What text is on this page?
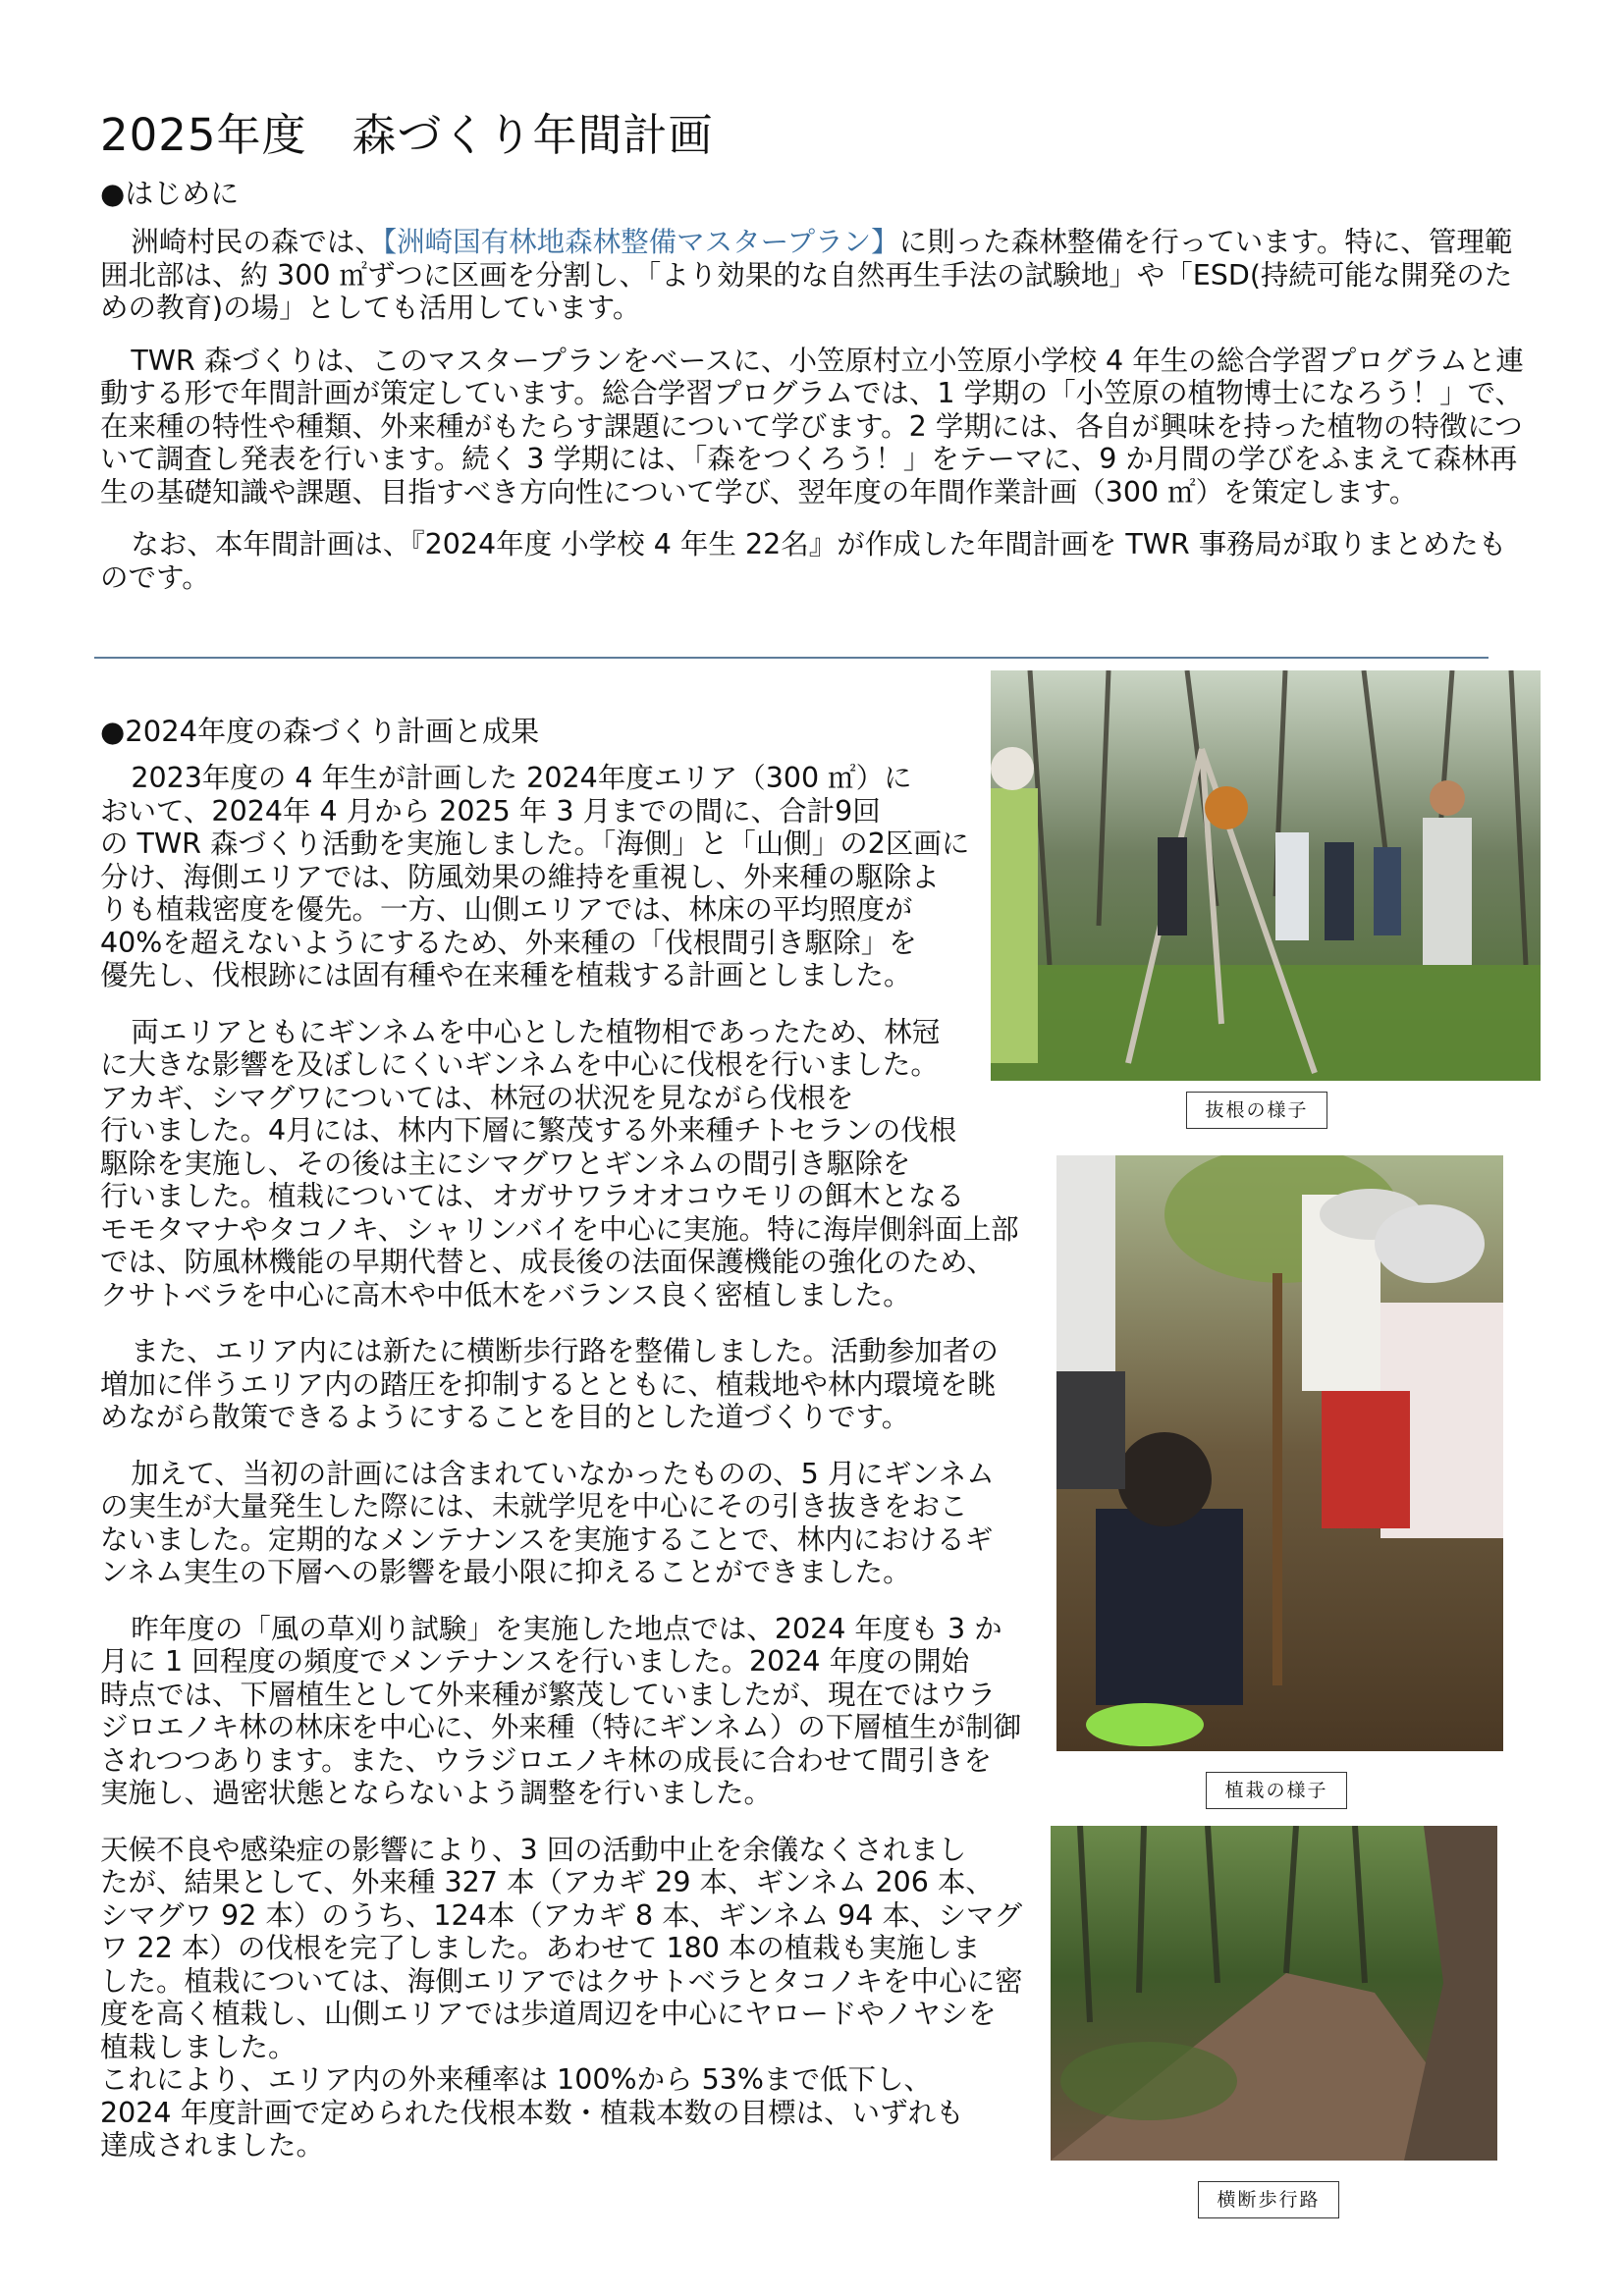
2025年度　森づくり年間計画
●はじめに

洲崎村民の森では、【洲崎国有林地森林整備マスタープラン】に則った森林整備を行っています。特に、管理範囲北部は、約 300 ㎡ずつに区画を分割し、「より効果的な自然再生手法の試験地」や「ESD(持続可能な開発のための教育)の場」としても活用しています。

TWR 森づくりは、このマスタープランをベースに、小笠原村立小笠原小学校 4 年生の総合学習プログラムと連動する形で年間計画が策定しています。総合学習プログラムでは、1 学期の「小笠原の植物博士になろう！」で、在来種の特性や種類、外来種がもたらす課題について学びます。2 学期には、各自が興味を持った植物の特徴について調査し発表を行います。続く 3 学期には、「森をつくろう！」をテーマに、9 か月間の学びをふまえて森林再生の基礎知識や課題、目指すべき方向性について学び、翌年度の年間作業計画（300 ㎡）を策定します。

なお、本年間計画は、『2024年度 小学校 4 年生 22名』が作成した年間計画を TWR 事務局が取りまとめたものです。

●2024年度の森づくり計画と成果

2023年度の 4 年生が計画した 2024年度エリア（300 ㎡）に
おいて、2024年 4 月から 2025 年 3 月までの間に、合計9回
の TWR 森づくり活動を実施しました。「海側」と「山側」の2区画に
分け、海側エリアでは、防風効果の維持を重視し、外来種の駆除よ
りも植栽密度を優先。一方、山側エリアでは、林床の平均照度が
40%を超えないようにするため、外来種の「伐根間引き駆除」を
優先し、伐根跡には固有種や在来種を植栽する計画としました。

両エリアともにギンネムを中心とした植物相であったため、林冠
に大きな影響を及ぼしにくいギンネムを中心に伐根を行いました。
アカギ、シマグワについては、林冠の状況を見ながら伐根を
行いました。4月には、林内下層に繁茂する外来種チトセランの伐根
駆除を実施し、その後は主にシマグワとギンネムの間引き駆除を
行いました。植栽については、オガサワラオオコウモリの餌木となる
モモタマナやタコノキ、シャリンバイを中心に実施。特に海岸側斜面上部
では、防風林機能の早期代替と、成長後の法面保護機能の強化のため、
クサトベラを中心に高木や中低木をバランス良く密植しました。

また、エリア内には新たに横断歩行路を整備しました。活動参加者の
増加に伴うエリア内の踏圧を抑制するとともに、植栽地や林内環境を眺
めながら散策できるようにすることを目的とした道づくりです。

加えて、当初の計画には含まれていなかったものの、5 月にギンネム
の実生が大量発生した際には、未就学児を中心にその引き抜きをおこ
ないました。定期的なメンテナンスを実施することで、林内におけるギ
ンネム実生の下層への影響を最小限に抑えることができました。

昨年度の「風の草刈り試験」を実施した地点では、2024 年度も 3 か
月に 1 回程度の頻度でメンテナンスを行いました。2024 年度の開始
時点では、下層植生として外来種が繁茂していましたが、現在ではウラ
ジロエノキ林の林床を中心に、外来種（特にギンネム）の下層植生が制御
されつつあります。また、ウラジロエノキ林の成長に合わせて間引きを
実施し、過密状態とならないよう調整を行いました。

天候不良や感染症の影響により、3 回の活動中止を余儀なくされまし
たが、結果として、外来種 327 本（アカギ 29 本、ギンネム 206 本、
シマグワ 92 本）のうち、124本（アカギ 8 本、ギンネム 94 本、シマグ
ワ 22 本）の伐根を完了しました。あわせて 180 本の植栽も実施しま
した。植栽については、海側エリアではクサトベラとタコノキを中心に密
度を高く植栽し、山側エリアでは歩道周辺を中心にヤロードやノヤシを
植栽しました。

これにより、エリア内の外来種率は 100%から 53%まで低下し、
2024 年度計画で定められた伐根本数・植栽本数の目標は、いずれも
達成されました。

抜根の様子
植栽の様子
横断歩行路
